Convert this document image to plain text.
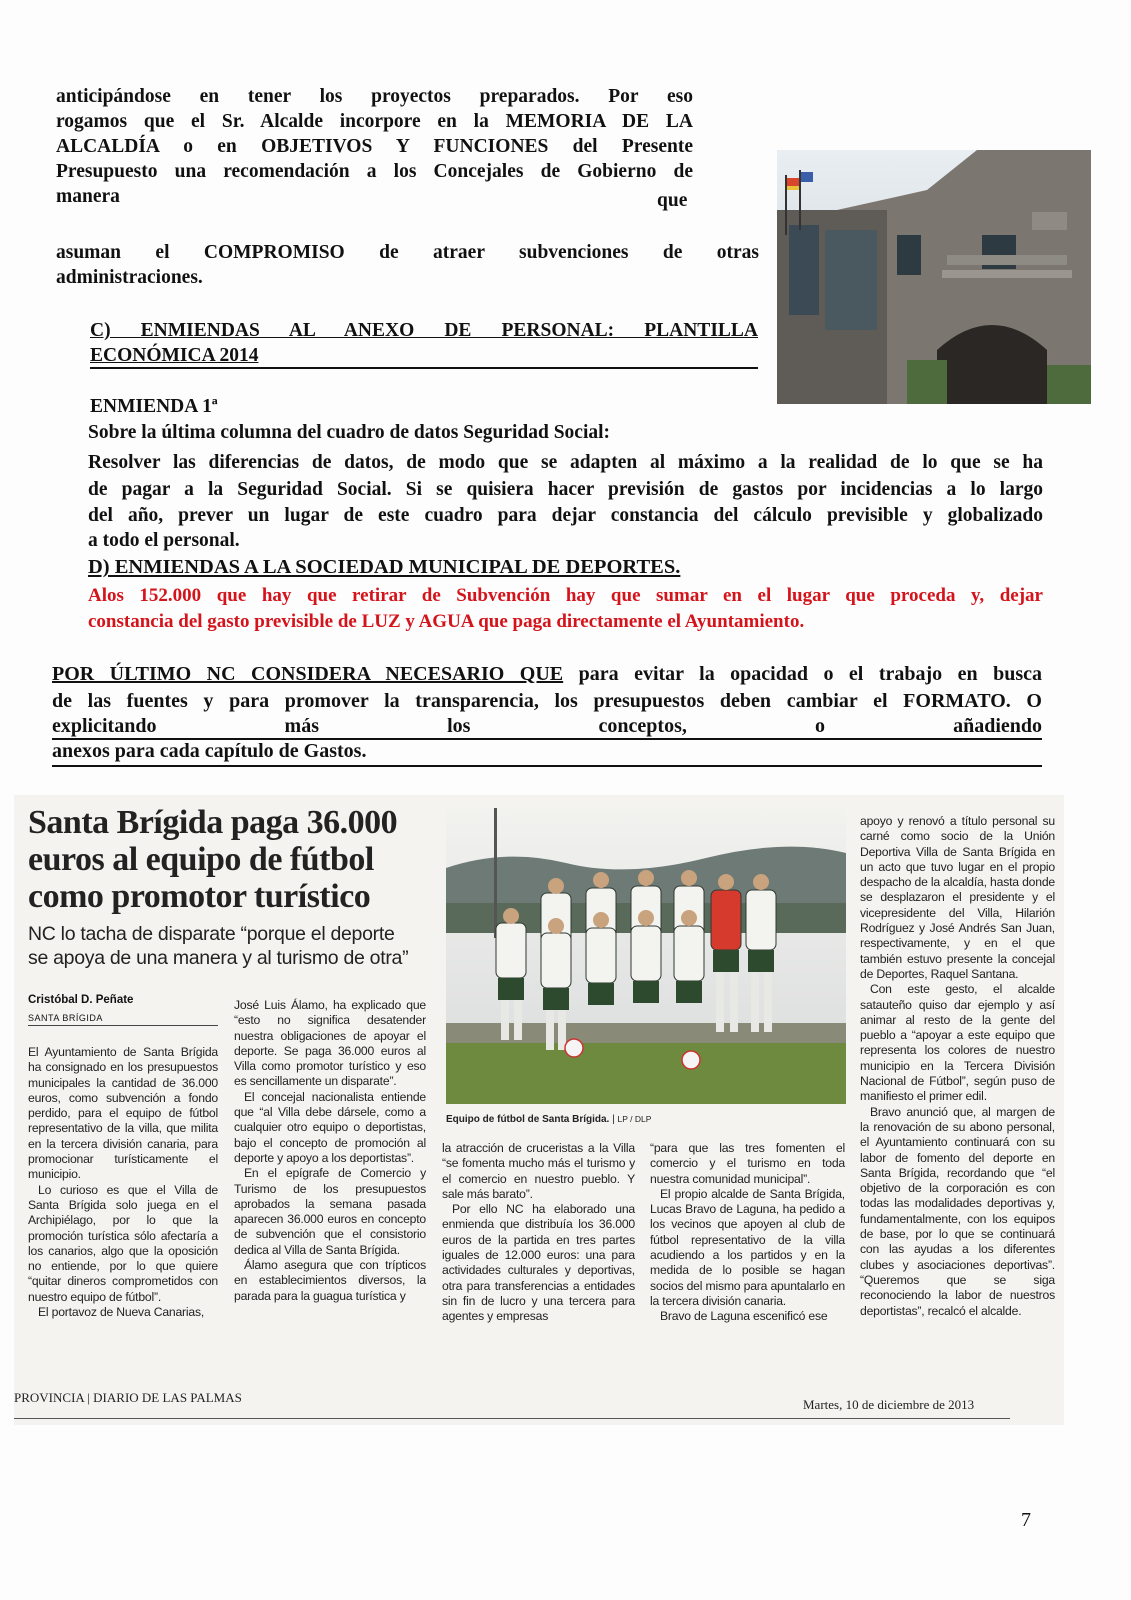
anticipándose en tener los proyectos preparados. Por eso
rogamos que el Sr. Alcalde incorpore en la MEMORIA DE LA
ALCALDÍA o en OBJETIVOS Y FUNCIONES del Presente
Presupuesto una recomendación a los Concejales de Gobierno de
manera	que
asuman el COMPROMISO de atraer subvenciones de otras
administraciones.
C) ENMIENDAS AL ANEXO DE PERSONAL: PLANTILLA
ECONÓMICA 2014
ENMIENDA 1ª
Sobre la última columna del cuadro de datos Seguridad Social:
Resolver las diferencias de datos, de modo que se adapten al máximo a la realidad de lo que se ha
de pagar a la Seguridad Social. Si se quisiera hacer previsión de gastos por incidencias a lo largo
del año, prever un lugar de este cuadro para dejar constancia del cálculo previsible y globalizado
a todo el personal.
D) ENMIENDAS A LA SOCIEDAD MUNICIPAL DE DEPORTES.
Alos 152.000 que hay que retirar de Subvención hay que sumar en el lugar que proceda y, dejar
constancia del gasto previsible de LUZ y AGUA que paga directamente el Ayuntamiento.
POR ÚLTIMO NC CONSIDERA NECESARIO QUE para evitar la opacidad o el trabajo en busca
de las fuentes y para promover la transparencia, los presupuestos deben cambiar el FORMATO. O
explicitando más los conceptos, o añadiendo
anexos para cada capítulo de Gastos.
Santa Brígida paga 36.000
euros al equipo de fútbol
como promotor turístico
NC lo tacha de disparate “porque el deporte
se apoya de una manera y al turismo de otra”
Cristóbal D. Peñate
SANTA BRÍGIDA

El Ayuntamiento de Santa Brígida ha consignado en los presupuestos municipales la cantidad de 36.000 euros, como subvención a fondo perdido, para el equipo de fútbol representativo de la villa, que milita en la tercera división canaria, para promocionar turísticamente el municipio.

Lo curioso es que el Villa de Santa Brígida solo juega en el Archipiélago, por lo que la promoción turística sólo afectaría a los canarios, algo que la oposición no entiende, por lo que quiere “quitar dineros comprometidos con nuestro equipo de fútbol”.

El portavoz de Nueva Canarias,

José Luis Álamo, ha explicado que “esto no significa desatender nuestra obligaciones de apoyar el deporte. Se paga 36.000 euros al Villa como promotor turístico y eso es sencillamente un disparate”.

El concejal nacionalista entiende que “al Villa debe dársele, como a cualquier otro equipo o deportistas, bajo el concepto de promoción al deporte y apoyo a los deportistas”.

En el epígrafe de Comercio y Turismo de los presupuestos aprobados la semana pasada aparecen 36.000 euros en concepto de subvención que el consistorio dedica al Villa de Santa Brígida.

Álamo asegura que con trípticos en establecimientos diversos, la parada para la guagua turística y

Equipo de fútbol de Santa Brígida. | LP / DLP

la atracción de cruceristas a la Villa “se fomenta mucho más el turismo y el comercio en nuestro pueblo. Y sale más barato”.

Por ello NC ha elaborado una enmienda que distribuía los 36.000 euros de la partida en tres partes iguales de 12.000 euros: una para actividades culturales y deportivas, otra para transferencias a entidades sin fin de lucro y una tercera para agentes y empresas

“para que las tres fomenten el comercio y el turismo en toda nuestra comunidad municipal”.

El propio alcalde de Santa Brígida, Lucas Bravo de Laguna, ha pedido a los vecinos que apoyen al club de fútbol representativo de la villa acudiendo a los partidos y en la medida de lo posible se hagan socios del mismo para apuntalarlo en la tercera división canaria.

Bravo de Laguna escenificó ese

apoyo y renovó a título personal su carné como socio de la Unión Deportiva Villa de Santa Brígida en un acto que tuvo lugar en el propio despacho de la alcaldía, hasta donde se desplazaron el presidente y el vicepresidente del Villa, Hilarión Rodríguez y José Andrés San Juan, respectivamente, y en el que también estuvo presente la concejal de Deportes, Raquel Santana.

Con este gesto, el alcalde satauteño quiso dar ejemplo y así animar al resto de la gente del pueblo a “apoyar a este equipo que representa los colores de nuestro municipio en la Tercera División Nacional de Fútbol”, según puso de manifiesto el primer edil.

Bravo anunció que, al margen de la renovación de su abono personal, el Ayuntamiento continuará con su labor de fomento del deporte en Santa Brígida, recordando que “el objetivo de la corporación es con todas las modalidades deportivas y, fundamentalmente, con los equipos de base, por lo que se continuará con las ayudas a los diferentes clubes y asociaciones deportivas”. “Queremos que se siga reconociendo la labor de nuestros deportistas”, recalcó el alcalde.

PROVINCIA | DIARIO DE LAS PALMAS	Martes, 10 de diciembre de 2013
7
